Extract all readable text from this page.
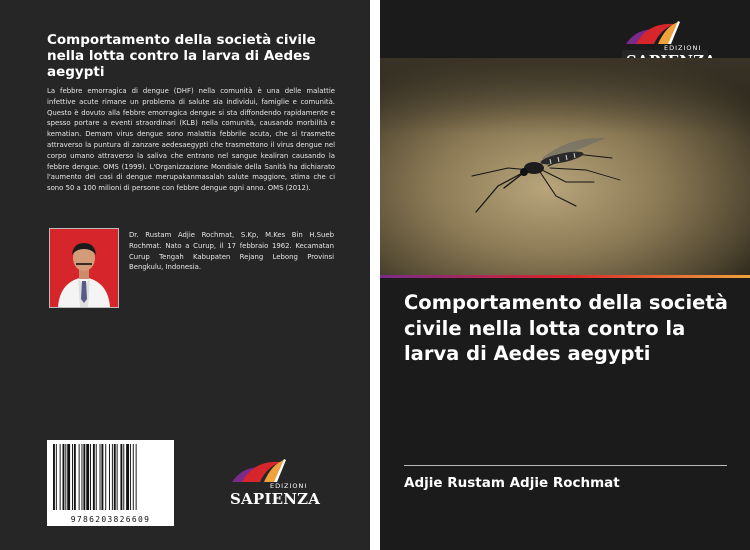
Comportamento della società civile nella lotta contro la larva di Aedes aegypti
La febbre emorragica di dengue (DHF) nella comunità è una delle malattie infettive acute rimane un problema di salute sia individui, famiglie e comunità. Questo è dovuto alla febbre emorragica dengue si sta diffondendo rapidamente e spesso portare a eventi straordinari (KLB) nella comunità, causando morbilità e kematian. Demam virus dengue sono malattia febbrile acuta, che si trasmette attraverso la puntura di zanzare aedesaegypti che trasmettono il virus dengue nel corpo umano attraverso la saliva che entrano nel sangue kealiran causando la febbre dengue. OMS (1999). L'Organizzazione Mondiale della Sanità ha dichiarato l'aumento dei casi di dengue merupakanmasalah salute maggiore, stima che ci sono 50 a 100 milioni di persone con febbre dengue ogni anno. OMS (2012).
Dr. Rustam Adjie Rochmat, S.Kp, M.Kes Bin H.Sueb Rochmat. Nato a Curup, il 17 febbraio 1962. Kecamatan Curup Tengah Kabupaten Rejang Lebong Provinsi Bengkulu, Indonesia.
9786203826609
EDIZIONI
SAPIENZA
EDIZIONI
Comportamento della società civile nella lotta contro la larva di Aedes aegypti
Adjie Rustam Adjie Rochmat
